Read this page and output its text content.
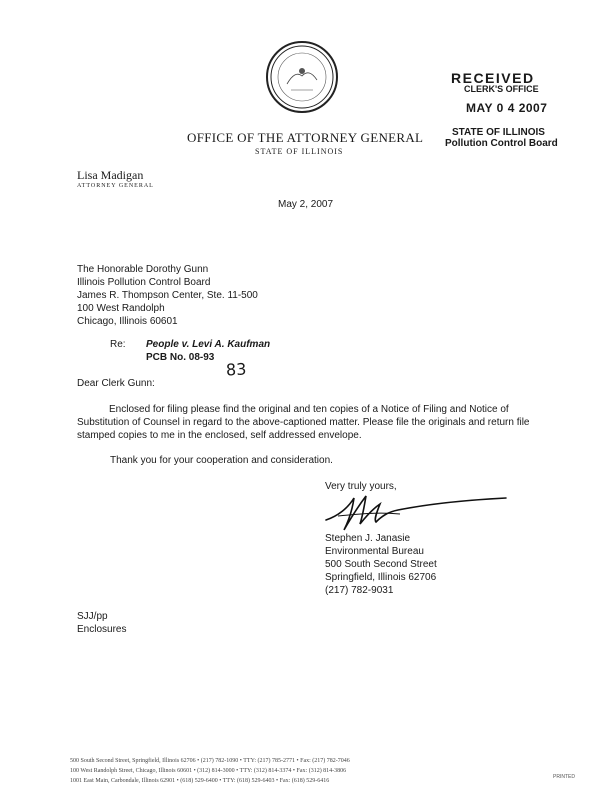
RECEIVED
CLERK'S OFFICE
MAY 0 4 2007
STATE OF ILLINOIS
Pollution Control Board
OFFICE OF THE ATTORNEY GENERAL
STATE OF ILLINOIS
Lisa Madigan
ATTORNEY GENERAL
May 2, 2007
The Honorable Dorothy Gunn
Illinois Pollution Control Board
James R. Thompson Center, Ste. 11-500
100 West Randolph
Chicago, Illinois 60601
Re: People v. Levi A. Kaufman
PCB No. 08-93
83
Dear Clerk Gunn:
Enclosed for filing please find the original and ten copies of a Notice of Filing and Notice of Substitution of Counsel in regard to the above-captioned matter. Please file the originals and return file stamped copies to me in the enclosed, self addressed envelope.
Thank you for your cooperation and consideration.
Very truly yours,
Stephen J. Janasie
Environmental Bureau
500 South Second Street
Springfield, Illinois 62706
(217) 782-9031
SJJ/pp
Enclosures
500 South Second Street, Springfield, Illinois 62706 • (217) 782-1090 • TTY: (217) 785-2771 • Fax: (217) 782-7046
100 West Randolph Street, Chicago, Illinois 60601 • (312) 814-3000 • TTY: (312) 814-3374 • Fax: (312) 814-3806
1001 East Main, Carbondale, Illinois 62901 • (618) 529-6400 • TTY: (618) 529-6403 • Fax: (618) 529-6416
PRINTED
